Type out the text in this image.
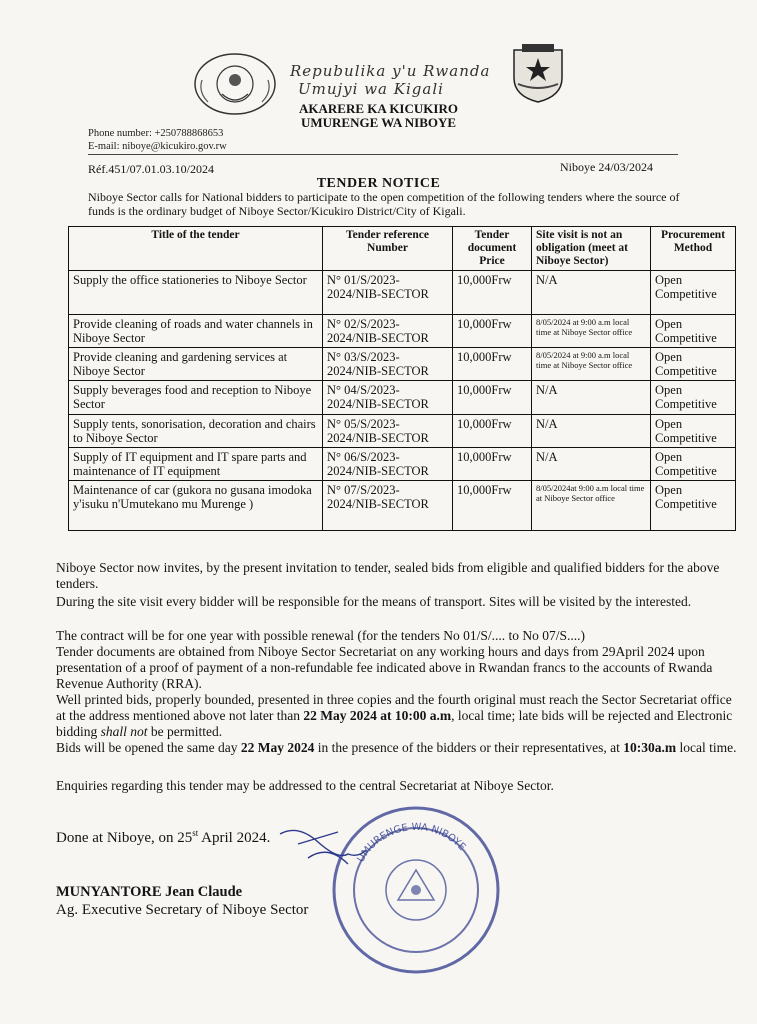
Repubulika y'u Rwanda
Umujyi wa Kigali
AKARERE KA KICUKIRO
UMURENGE WA NIBOYE
Phone number: +250788868653
E-mail: niboye@kicukiro.gov.rw
Réf.451/07.01.03.10/2024	Niboye 24/03/2024
TENDER NOTICE
Niboye Sector calls for National bidders to participate to the open competition of the following tenders where the source of funds is the ordinary budget of Niboye Sector/Kicukiro District/City of Kigali.
Title of the tender	Tender reference Number	Tender document Price	Site visit is not an obligation (meet at Niboye Sector)	Procurement Method
Supply the office stationeries to Niboye Sector	N° 01/S/2023-2024/NIB-SECTOR	10,000Frw	N/A	Open Competitive
Provide cleaning of roads and water channels in Niboye Sector	N° 02/S/2023-2024/NIB-SECTOR	10,000Frw	8/05/2024 at 9:00 a.m local time at Niboye Sector office	Open Competitive
Provide cleaning and gardening services at Niboye Sector	N° 03/S/2023-2024/NIB-SECTOR	10,000Frw	8/05/2024 at 9:00 a.m local time at Niboye Sector office	Open Competitive
Supply beverages food and reception to Niboye Sector	N° 04/S/2023-2024/NIB-SECTOR	10,000Frw	N/A	Open Competitive
Supply tents, sonorisation, decoration and chairs to Niboye Sector	N° 05/S/2023-2024/NIB-SECTOR	10,000Frw	N/A	Open Competitive
Supply of IT equipment and IT spare parts and maintenance of IT equipment	N° 06/S/2023-2024/NIB-SECTOR	10,000Frw	N/A	Open Competitive
Maintenance of car (gukora no gusana imodoka y'isuku n'Umutekano mu Murenge )	N° 07/S/2023-2024/NIB-SECTOR	10,000Frw	8/05/2024at 9:00 a.m local time at Niboye Sector office	Open Competitive
Niboye Sector now invites, by the present invitation to tender, sealed bids from eligible and qualified bidders for the above tenders.
During the site visit every bidder will be responsible for the means of transport. Sites will be visited by the interested.
The contract will be for one year with possible renewal (for the tenders No 01/S/.... to No 07/S....)
Tender documents are obtained from Niboye Sector Secretariat on any working hours and days from 29April 2024 upon presentation of a proof of payment of a non-refundable fee indicated above in Rwandan francs to the accounts of Rwanda Revenue Authority (RRA).
Well printed bids, properly bounded, presented in three copies and the fourth original must reach the Sector Secretariat office at the address mentioned above not later than 22 May 2024 at 10:00 a.m, local time; late bids will be rejected and Electronic bidding shall not be permitted.
Bids will be opened the same day 22 May 2024 in the presence of the bidders or their representatives, at 10:30a.m local time.
Enquiries regarding this tender may be addressed to the central Secretariat at Niboye Sector.
Done at Niboye, on 25st April 2024.
UMURENGE WA NIBOYE
MUNYANTORE Jean Claude
Ag. Executive Secretary of Niboye Sector
